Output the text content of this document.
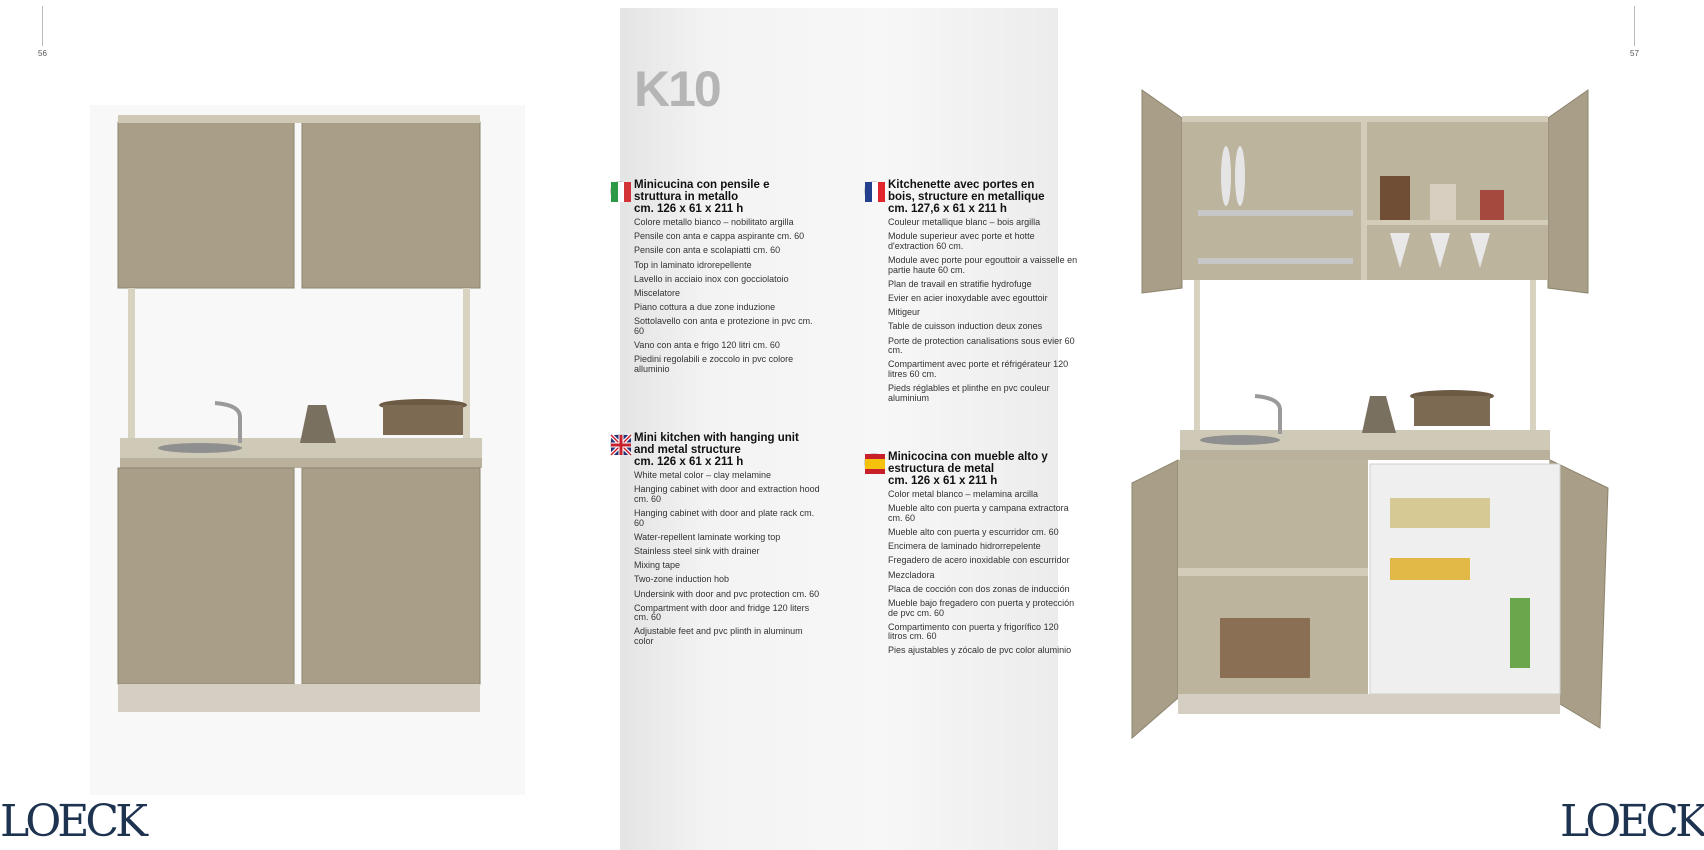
56	57
K10
Minicucina con pensile e
struttura in metallo
cm. 126 x 61 x 211 h
Colore metallo bianco – nobilitato argilla
Pensile con anta e cappa aspirante cm. 60
Pensile con anta e scolapiatti cm. 60
Top in laminato idrorepellente
Lavello in acciaio inox con gocciolatoio
Miscelatore
Piano cottura a due zone induzione
Sottolavello con anta e protezione in pvc cm. 60
Vano con anta e frigo 120 litri cm. 60
Piedini regolabili e zoccolo in pvc colore alluminio
Mini kitchen with hanging unit
and metal structure
cm. 126 x 61 x 211 h
White metal color – clay melamine
Hanging cabinet with door and extraction hood cm. 60
Hanging cabinet with door and plate rack cm. 60
Water-repellent laminate working top
Stainless steel sink with drainer
Mixing tape
Two-zone induction hob
Undersink with door and pvc protection cm. 60
Compartment with door and fridge 120 liters cm. 60
Adjustable feet and pvc plinth in aluminum color
Kitchenette avec portes en
bois, structure en metallique
cm. 127,6 x 61 x 211 h
Couleur metallique blanc – bois argilla
Module superieur avec porte et hotte d'extraction 60 cm.
Module avec porte pour egouttoir a vaisselle en partie haute 60 cm.
Plan de travail en stratifie hydrofuge
Evier en acier inoxydable avec egouttoir
Mitigeur
Table de cuisson induction deux zones
Porte de protection canalisations sous evier 60 cm.
Compartiment avec porte et réfrigérateur 120 litres 60 cm.
Pieds réglables et plinthe en pvc couleur aluminium
Minicocina con mueble alto y
estructura de metal
cm. 126 x 61 x 211 h
Color metal blanco – melamina arcilla
Mueble alto con puerta y campana extractora cm. 60
Mueble alto con puerta y escurridor cm. 60
Encimera de laminado hidrorrepelente
Fregadero de acero inoxidable con escurridor
Mezcladora
Placa de cocción con dos zonas de inducción
Mueble bajo fregadero con puerta y protección de pvc cm. 60
Compartimento con puerta y frigorífico 120 litros cm. 60
Pies ajustables y zócalo de pvc color aluminio
LOECK	LOECK
